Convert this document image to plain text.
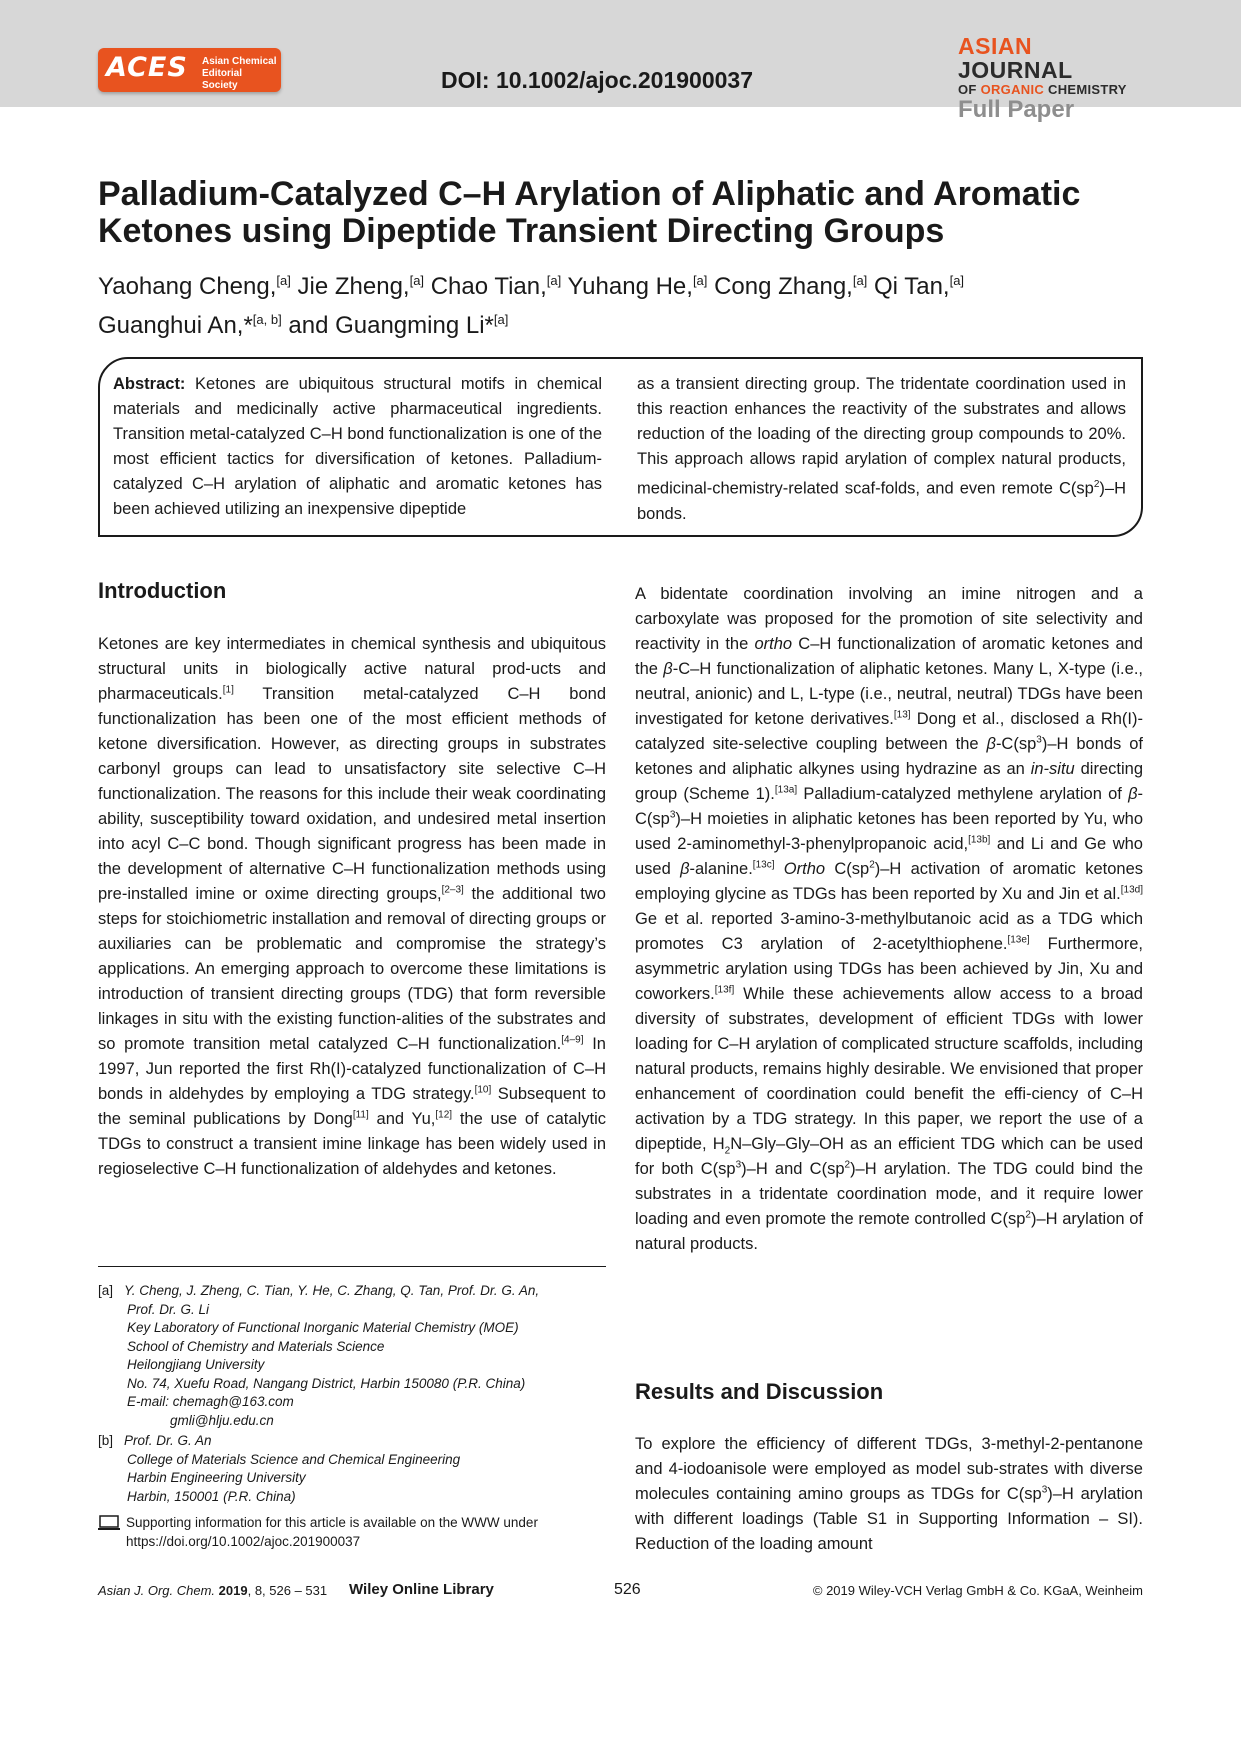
ACES Asian Chemical Editorial Society	DOI: 10.1002/ajoc.201900037
ASIAN JOURNAL
OF ORGANIC CHEMISTRY
Full Paper
Palladium-Catalyzed C–H Arylation of Aliphatic and Aromatic Ketones using Dipeptide Transient Directing Groups
Yaohang Cheng,[a] Jie Zheng,[a] Chao Tian,[a] Yuhang He,[a] Cong Zhang,[a] Qi Tan,[a]
Guanghui An,*[a, b] and Guangming Li*[a]
Abstract: Ketones are ubiquitous structural motifs in chemical materials and medicinally active pharmaceutical ingredients. Transition metal-catalyzed C–H bond functionalization is one of the most efficient tactics for diversification of ketones. Palladium-catalyzed C–H arylation of aliphatic and aromatic ketones has been achieved utilizing an inexpensive dipeptide
as a transient directing group. The tridentate coordination used in this reaction enhances the reactivity of the substrates and allows reduction of the loading of the directing group compounds to 20%. This approach allows rapid arylation of complex natural products, medicinal-chemistry-related scaf-folds, and even remote $C(sp^2)-H$ bonds.
Introduction
Ketones are key intermediates in chemical synthesis and ubiquitous structural units in biologically active natural prod-ucts and pharmaceuticals.[1] Transition metal-catalyzed C–H bond functionalization has been one of the most efficient methods of ketone diversification. However, as directing groups in substrates carbonyl groups can lead to unsatisfactory site selective C–H functionalization. The reasons for this include their weak coordinating ability, susceptibility toward oxidation, and undesired metal insertion into acyl C–C bond. Though significant progress has been made in the development of alternative C–H functionalization methods using pre-installed imine or oxime directing groups,[2–3] the additional two steps for stoichiometric installation and removal of directing groups or auxiliaries can be problematic and compromise the strategy’s applications. An emerging approach to overcome these limitations is introduction of transient directing groups (TDG) that form reversible linkages in situ with the existing function-alities of the substrates and so promote transition metal catalyzed C–H functionalization.[4–9] In 1997, Jun reported the first Rh(I)-catalyzed functionalization of C–H bonds in aldehydes by employing a TDG strategy.[10] Subsequent to the seminal publications by Dong[11] and Yu,[12] the use of catalytic TDGs to construct a transient imine linkage has been widely used in regioselective C–H functionalization of aldehydes and ketones.
A bidentate coordination involving an imine nitrogen and a carboxylate was proposed for the promotion of site selectivity and reactivity in the ortho C–H functionalization of aromatic ketones and the β-C–H functionalization of aliphatic ketones. Many L, X-type (i.e., neutral, anionic) and L, L-type (i.e., neutral, neutral) TDGs have been investigated for ketone derivatives.[13] Dong et al., disclosed a Rh(I)-catalyzed site-selective coupling between the $\beta-C(sp^3)-H$ bonds of ketones and aliphatic alkynes using hydrazine as an in-situ directing group (Scheme 1).[13a] Palladium-catalyzed methylene arylation of $\beta-C(sp^3)-H$ moieties in aliphatic ketones has been reported by Yu, who used 2-aminomethyl-3-phenylpropanoic acid,[13b] and Li and Ge who used β-alanine.[13c] Ortho $C(sp^2)-H$ activation of aromatic ketones employing glycine as TDGs has been reported by Xu and Jin et al.[13d] Ge et al. reported 3-amino-3-methylbutanoic acid as a TDG which promotes C3 arylation of 2-acetylthiophene.[13e] Furthermore, asymmetric arylation using TDGs has been achieved by Jin, Xu and coworkers.[13f] While these achievements allow access to a broad diversity of substrates, development of efficient TDGs with lower loading for C–H arylation of complicated structure scaffolds, including natural products, remains highly desirable. We envisioned that proper enhancement of coordination could benefit the effi-ciency of C–H activation by a TDG strategy. In this paper, we report the use of a dipeptide, $H_2N-Gly-Gly-OH$ as an efficient TDG which can be used for both $C(sp^3)-H$ and $C(sp^2)-H$ arylation. The TDG could bind the substrates in a tridentate coordination mode, and it require lower loading and even promote the remote controlled $C(sp^2)-H$ arylation of natural products.
Results and Discussion
To explore the efficiency of different TDGs, 3-methyl-2-pentanone and 4-iodoanisole were employed as model sub-strates with diverse molecules containing amino groups as TDGs for $C(sp^3)-H$ arylation with different loadings (Table S1 in Supporting Information – SI). Reduction of the loading amount
[a] Y. Cheng, J. Zheng, C. Tian, Y. He, C. Zhang, Q. Tan, Prof. Dr. G. An,
Prof. Dr. G. Li
Key Laboratory of Functional Inorganic Material Chemistry (MOE)
School of Chemistry and Materials Science
Heilongjiang University
No. 74, Xuefu Road, Nangang District, Harbin 150080 (P.R. China)
E-mail: chemagh@163.com
gmli@hlju.edu.cn
[b] Prof. Dr. G. An
College of Materials Science and Chemical Engineering
Harbin Engineering University
Harbin, 150001 (P.R. China)
Supporting information for this article is available on the WWW under https://doi.org/10.1002/ajoc.201900037
Asian J. Org. Chem. 2019, 8, 526 – 531 Wiley Online Library	526	© 2019 Wiley-VCH Verlag GmbH & Co. KGaA, Weinheim
